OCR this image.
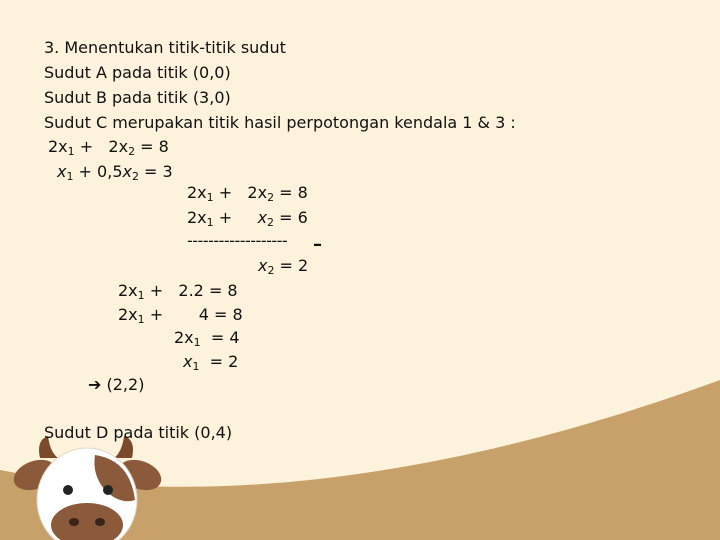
3. Menentukan titik-titik sudut
Sudut A pada titik (0,0)
Sudut B pada titik (3,0)
Sudut C merupakan titik hasil perpotongan kendala 1 & 3 :
$2x_1 + 2x_2 = 8$
$x_1 + 0,5x_2 = 3$
$2x_1 + 2x_2 = 8$
$2x_1$ +     $x_2 = 6$
------------------- –
$x_2 = 2$
$2x_1 + 2.2 = 8$
$2x_1$ +       4 = 8
$2x_1 = 4$
$x_1 = 2$
➔ (2,2)
Sudut D pada titik (0,4)
